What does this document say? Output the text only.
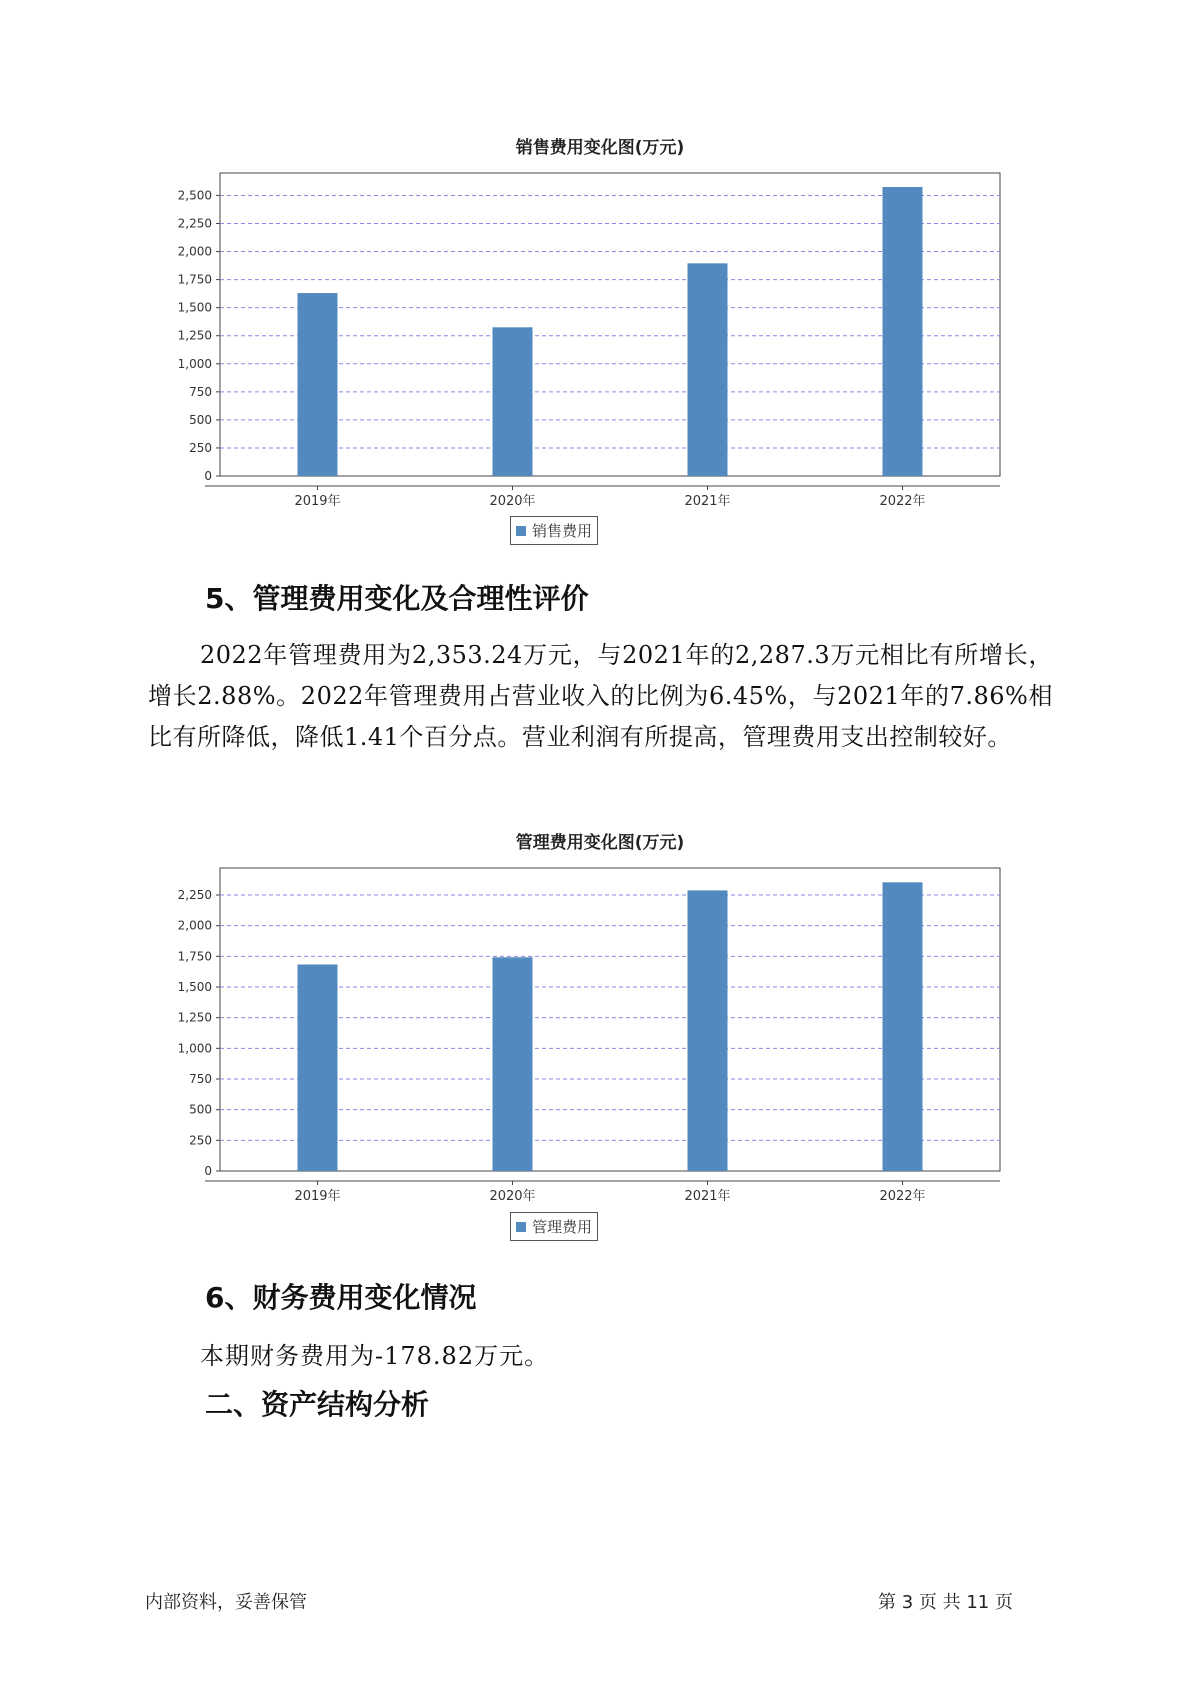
销售费用变化图(万元)
0
250
500
750
1,000
1,250
1,500
1,750
2,000
2,250
2,500
2019年	2020年	2021年	2022年
销售费用
5、管理费用变化及合理性评价
2022年管理费用为2,353.24万元，与2021年的2,287.3万元相比有所增长，增长2.88%。2022年管理费用占营业收入的比例为6.45%，与2021年的7.86%相比有所降低，降低1.41个百分点。营业利润有所提高，管理费用支出控制较好。
管理费用变化图(万元)
0
250
500
750
1,000
1,250
1,500
1,750
2,000
2,250
2019年	2020年	2021年	2022年
管理费用
6、财务费用变化情况
本期财务费用为-178.82万元。
二、资产结构分析
内部资料，妥善保管	第 3 页 共 11 页
